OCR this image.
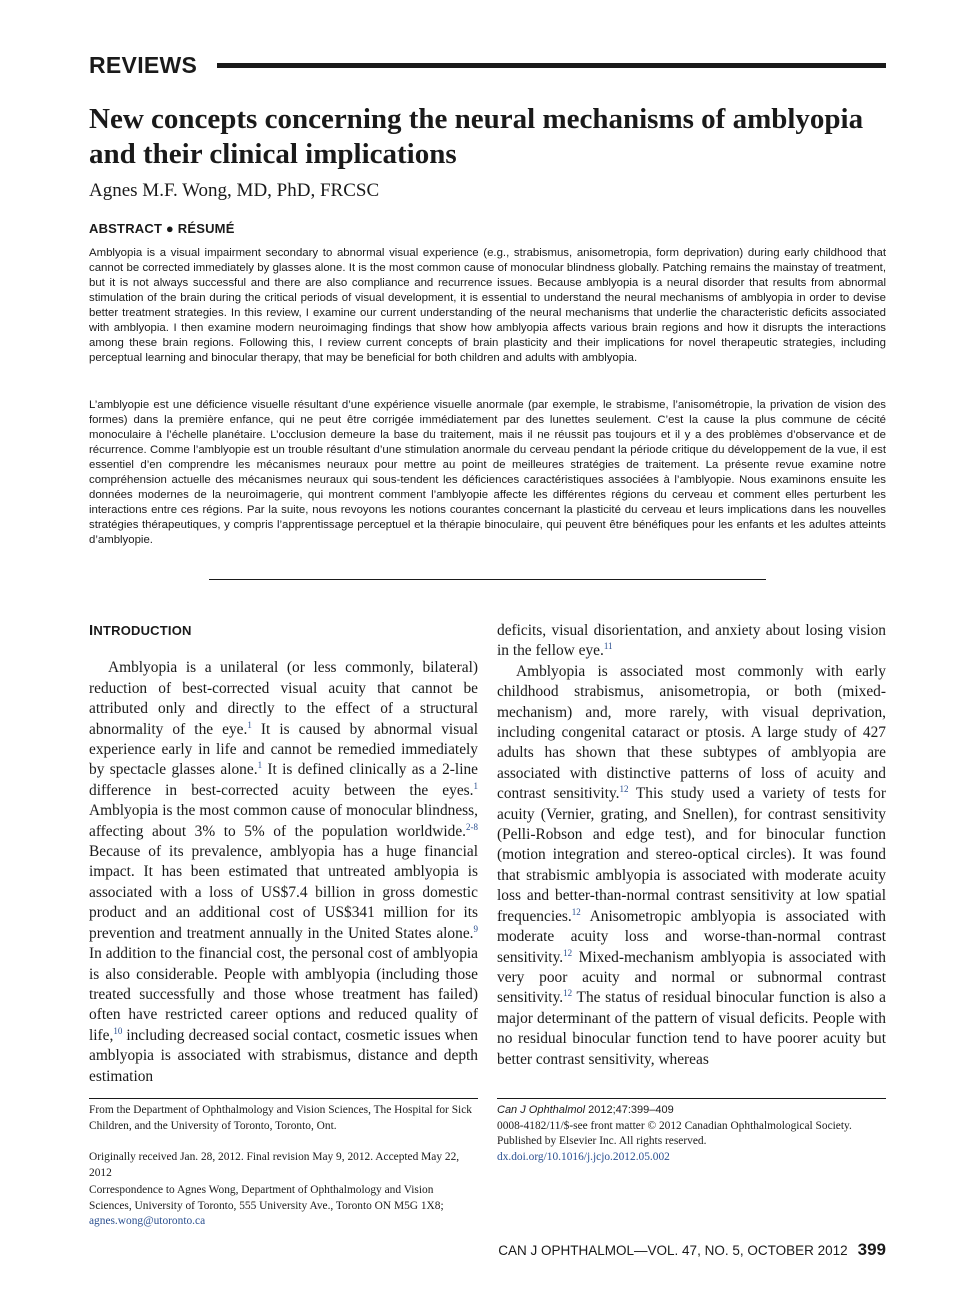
REVIEWS
New concepts concerning the neural mechanisms of amblyopia and their clinical implications
Agnes M.F. Wong, MD, PhD, FRCSC
ABSTRACT ● RÉSUMÉ

Amblyopia is a visual impairment secondary to abnormal visual experience (e.g., strabismus, anisometropia, form deprivation) during early childhood that cannot be corrected immediately by glasses alone. It is the most common cause of monocular blindness globally. Patching remains the mainstay of treatment, but it is not always successful and there are also compliance and recurrence issues. Because amblyopia is a neural disorder that results from abnormal stimulation of the brain during the critical periods of visual development, it is essential to understand the neural mechanisms of amblyopia in order to devise better treatment strategies. In this review, I examine our current understanding of the neural mechanisms that underlie the characteristic deficits associated with amblyopia. I then examine modern neuroimaging findings that show how amblyopia affects various brain regions and how it disrupts the interactions among these brain regions. Following this, I review current concepts of brain plasticity and their implications for novel therapeutic strategies, including perceptual learning and binocular therapy, that may be beneficial for both children and adults with amblyopia.

L’amblyopie est une déficience visuelle résultant d’une expérience visuelle anormale (par exemple, le strabisme, l’anisométropie, la privation de vision des formes) dans la première enfance, qui ne peut être corrigée immédiatement par des lunettes seulement. C’est la cause la plus commune de cécité monoculaire à l’échelle planétaire. L’occlusion demeure la base du traitement, mais il ne réussit pas toujours et il y a des problèmes d’observance et de récurrence. Comme l’amblyopie est un trouble résultant d’une stimulation anormale du cerveau pendant la période critique du développement de la vue, il est essentiel d’en comprendre les mécanismes neuraux pour mettre au point de meilleures stratégies de traitement. La présente revue examine notre compréhension actuelle des mécanismes neuraux qui sous-tendent les déficiences caractéristiques associées à l’amblyopie. Nous examinons ensuite les données modernes de la neuroimagerie, qui montrent comment l’amblyopie affecte les différentes régions du cerveau et comment elles perturbent les interactions entre ces régions. Par la suite, nous revoyons les notions courantes concernant la plasticité du cerveau et leurs implications dans les nouvelles stratégies thérapeutiques, y compris l’apprentissage perceptuel et la thérapie binoculaire, qui peuvent être bénéfiques pour les enfants et les adultes atteints d’amblyopie.

INTRODUCTION

Amblyopia is a unilateral (or less commonly, bilateral) reduction of best-corrected visual acuity that cannot be attributed only and directly to the effect of a structural abnormality of the eye.$^1$ It is caused by abnormal visual experience early in life and cannot be remedied immediately by spectacle glasses alone.$^1$ It is defined clinically as a 2-line difference in best-corrected acuity between the eyes.$^1$ Amblyopia is the most common cause of monocular blindness, affecting about 3% to 5% of the population worldwide.$^{2-8}$ Because of its prevalence, amblyopia has a huge financial impact. It has been estimated that untreated amblyopia is associated with a loss of US$7.4 billion in gross domestic product and an additional cost of US$341 million for its prevention and treatment annually in the United States alone.$^9$ In addition to the financial cost, the personal cost of amblyopia is also considerable. People with amblyopia (including those treated successfully and those whose treatment has failed) often have restricted career options and reduced quality of life,$^{10}$ including decreased social contact, cosmetic issues when amblyopia is associated with strabismus, distance and depth estimation

deficits, visual disorientation, and anxiety about losing vision in the fellow eye.$^{11}$

Amblyopia is associated most commonly with early childhood strabismus, anisometropia, or both (mixed-mechanism) and, more rarely, with visual deprivation, including congenital cataract or ptosis. A large study of 427 adults has shown that these subtypes of amblyopia are associated with distinctive patterns of loss of acuity and contrast sensitivity.$^{12}$ This study used a variety of tests for acuity (Vernier, grating, and Snellen), for contrast sensitivity (Pelli-Robson and edge test), and for binocular function (motion integration and stereo-optical circles). It was found that strabismic amblyopia is associated with moderate acuity loss and better-than-normal contrast sensitivity at low spatial frequencies.$^{12}$ Anisometropic amblyopia is associated with moderate acuity loss and worse-than-normal contrast sensitivity.$^{12}$ Mixed-mechanism amblyopia is associated with very poor acuity and normal or subnormal contrast sensitivity.$^{12}$ The status of residual binocular function is also a major determinant of the pattern of visual deficits. People with no residual binocular function tend to have poorer acuity but better contrast sensitivity, whereas

From the Department of Ophthalmology and Vision Sciences, The Hospital for Sick Children, and the University of Toronto, Toronto, Ont.

Originally received Jan. 28, 2012. Final revision May 9, 2012. Accepted May 22, 2012

Correspondence to Agnes Wong, Department of Ophthalmology and Vision Sciences, University of Toronto, 555 University Ave., Toronto ON M5G 1X8; agnes.wong@utoronto.ca

Can J Ophthalmol 2012;47:399–409
0008-4182/11/$-see front matter © 2012 Canadian Ophthalmological Society. Published by Elsevier Inc. All rights reserved.
dx.doi.org/10.1016/j.jcjo.2012.05.002

CAN J OPHTHALMOL—VOL. 47, NO. 5, OCTOBER 2012 399
